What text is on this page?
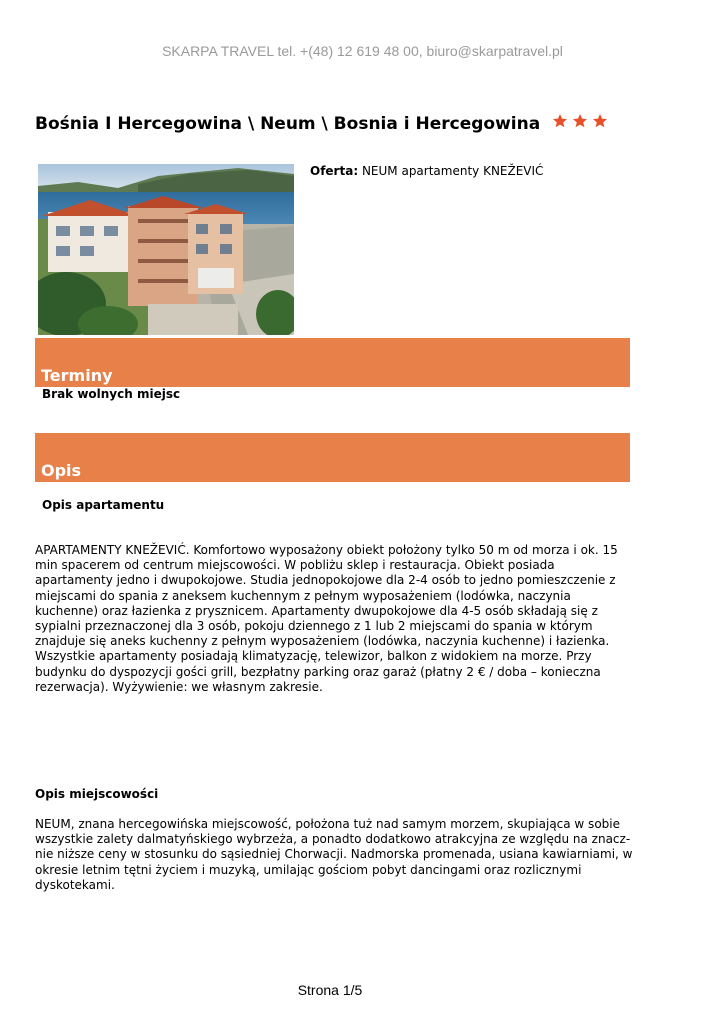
SKARPA TRAVEL tel. +(48) 12 619 48 00, biuro@skarpatravel.pl
Bośnia I Hercegowina \ Neum \ Bosnia i Hercegowina
Oferta: NEUM apartamenty KNEŽEVIĆ
Terminy
Brak wolnych miejsc
Opis
Opis apartamentu
APARTAMENTY KNEŽEVIĆ. Komfortowo wyposażony obiekt położony tylko 50 m od morza i ok. 15 min spacerem od centrum miejscowości. W pobliżu sklep i restauracja. Obiekt posiada apartamenty jedno i dwupokojowe. Studia jednopokojowe dla 2-4 osób to jedno pomieszczenie z miejscami do spania z aneksem kuchennym z pełnym wyposażeniem (lodówka, naczynia kuchenne) oraz łazienka z prysznicem. Apartamenty dwupokojowe dla 4-5 osób składają się z sypialni przeznaczonej dla 3 osób, pokoju dziennego z 1 lub 2 miejscami do spania w którym znajduje się aneks kuchenny z pełnym wyposażeniem (lodówka, naczynia kuchenne) i łazienka. Wszystkie apartamenty posiadają klimatyzację, telewizor, balkon z widokiem na morze. Przy budynku do dyspozycji gości grill, bezpłatny parking oraz garaż (płatny 2 € / doba – konieczna rezerwacja). Wyżywienie: we własnym zakresie.
Opis miejscowości
NEUM, znana hercegowińska miejscowość, położona tuż nad samym morzem, skupiająca w sobie wszystkie zalety dalmatyńskiego wybrzeża, a ponadto dodatkowo atrakcyjna ze względu na znacz-nie niższe ceny w stosunku do sąsiedniej Chorwacji. Nadmorska promenada, usiana kawiarniami, w okresie letnim tętni życiem i muzyką, umilając gościom pobyt dancingami oraz rozlicznymi dyskotekami.
Strona 1/5
